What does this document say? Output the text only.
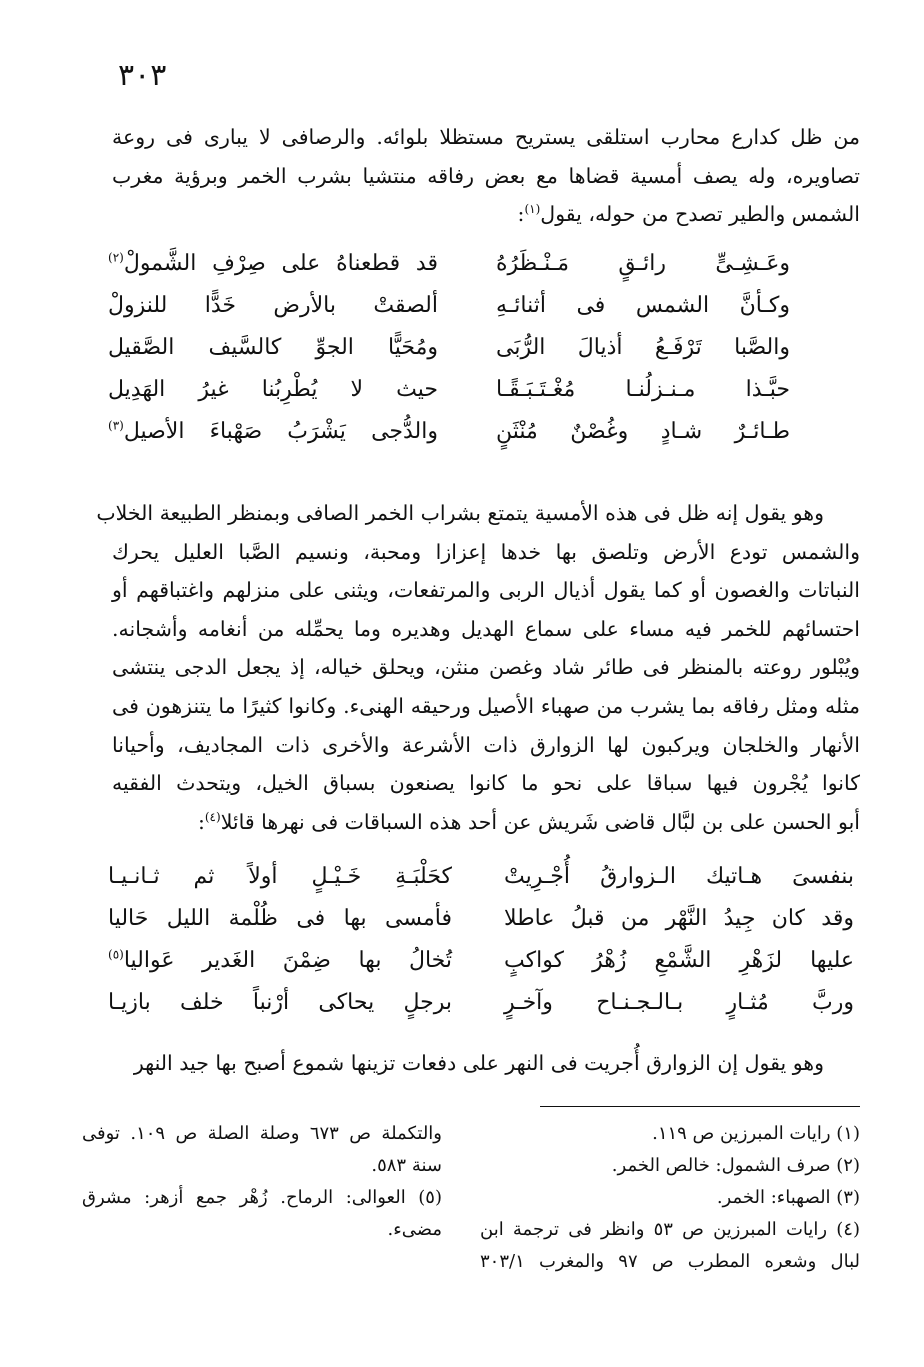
٣٠٣
من ظل كدارع محارب استلقى يستريح مستظلا بلوائه. والرصافى لا يبارى فى روعة
تصاويره، وله يصف أمسية قضاها مع بعض رفاقه منتشيا بشرب الخمر وبرؤية مغرب
الشمس والطير تصدح من حوله، يقول$^{(١)}$:
وعَـشِـىٍّ رائـقٍ مَـنْـظَرُهُ
قد قطعناهُ على صِرْفِ الشَّمولْ$^{(٢)}$
وكـأنَّ الشمس فى أثنائـهِ
ألصقتْ بالأرض خَدًّا للنزولْ
والصَّبا تَرْفَـعُ أذيالَ الرُّبَى
ومُحَيًّا الجوِّ كالسَّيف الصَّقيل
حبَّـذا مـنـزلُنـا مُغْـتَـبَـقًـا
حيث لا يُطْرِبُنا غيرُ الهَدِيل
طـائـرٌ شـادٍ وغُصْنٌ مُنْثَنٍ
والدُّجى يَشْرَبُ صَهْباءَ الأصيل$^{(٣)}$
وهو يقول إنه ظل فى هذه الأمسية يتمتع بشراب الخمر الصافى وبمنظر الطبيعة الخلاب
والشمس تودع الأرض وتلصق بها خدها إعزازا ومحبة، ونسيم الصَّبا العليل يحرك
النباتات والغصون أو كما يقول أذيال الربى والمرتفعات، ويثنى على منزلهم واغتباقهم أو
احتسائهم للخمر فيه مساء على سماع الهديل وهديره وما يحمِّله من أنغامه وأشجانه.
ويُبْلور روعته بالمنظر فى طائر شاد وغصن منثن، ويحلق خياله، إذ يجعل الدجى ينتشى
مثله ومثل رفاقه بما يشرب من صهباء الأصيل ورحيقه الهنىء. وكانوا كثيرًا ما يتنزهون فى
الأنهار والخلجان ويركبون لها الزوارق ذات الأشرعة والأخرى ذات المجاديف، وأحيانا
كانوا يُجْرون فيها سباقا على نحو ما كانوا يصنعون بسباق الخيل، ويتحدث الفقيه
أبو الحسن على بن لبَّال قاضى شَريش عن أحد هذه السباقات فى نهرها قائلا$^{(٤)}$:
بنفسىَ هـاتيك الـزوارقُ أُجْـرِيتْ
كحَلْبَـةِ خَـيْـلٍ أولاً ثم ثـانـيـا
وقد كان جِيدُ النَّهْر من قبلُ عاطلا
فأمسى بها فى ظُلْمة الليل حَاليا
عليها لزَهْرِ الشَّمْعِ زُهْرُ كواكبٍ
تُخالُ بها ضِمْنَ الغَدير عَواليا$^{(٥)}$
وربَّ مُثـارٍ بـالـجـنـاح وآخـرٍ
برجلٍ يحاكى أرْنباً خلف بازيـا
وهو يقول إن الزوارق أُجريت فى النهر على دفعات تزينها شموع أصبح بها جيد النهر
(١) رايات المبرزين ص ١١٩.
(٢) صرف الشمول: خالص الخمر.
(٣) الصهباء: الخمر.
(٤) رايات المبرزين ص ٥٣ وانظر فى ترجمة ابن
لبال وشعره المطرب ص ٩٧ والمغرب ٣٠٣/١
والتكملة ص ٦٧٣ وصلة الصلة ص ١٠٩. توفى
سنة ٥٨٣.
(٥) العوالى: الرماح. زُهْر جمع أزهر: مشرق
مضىء.
